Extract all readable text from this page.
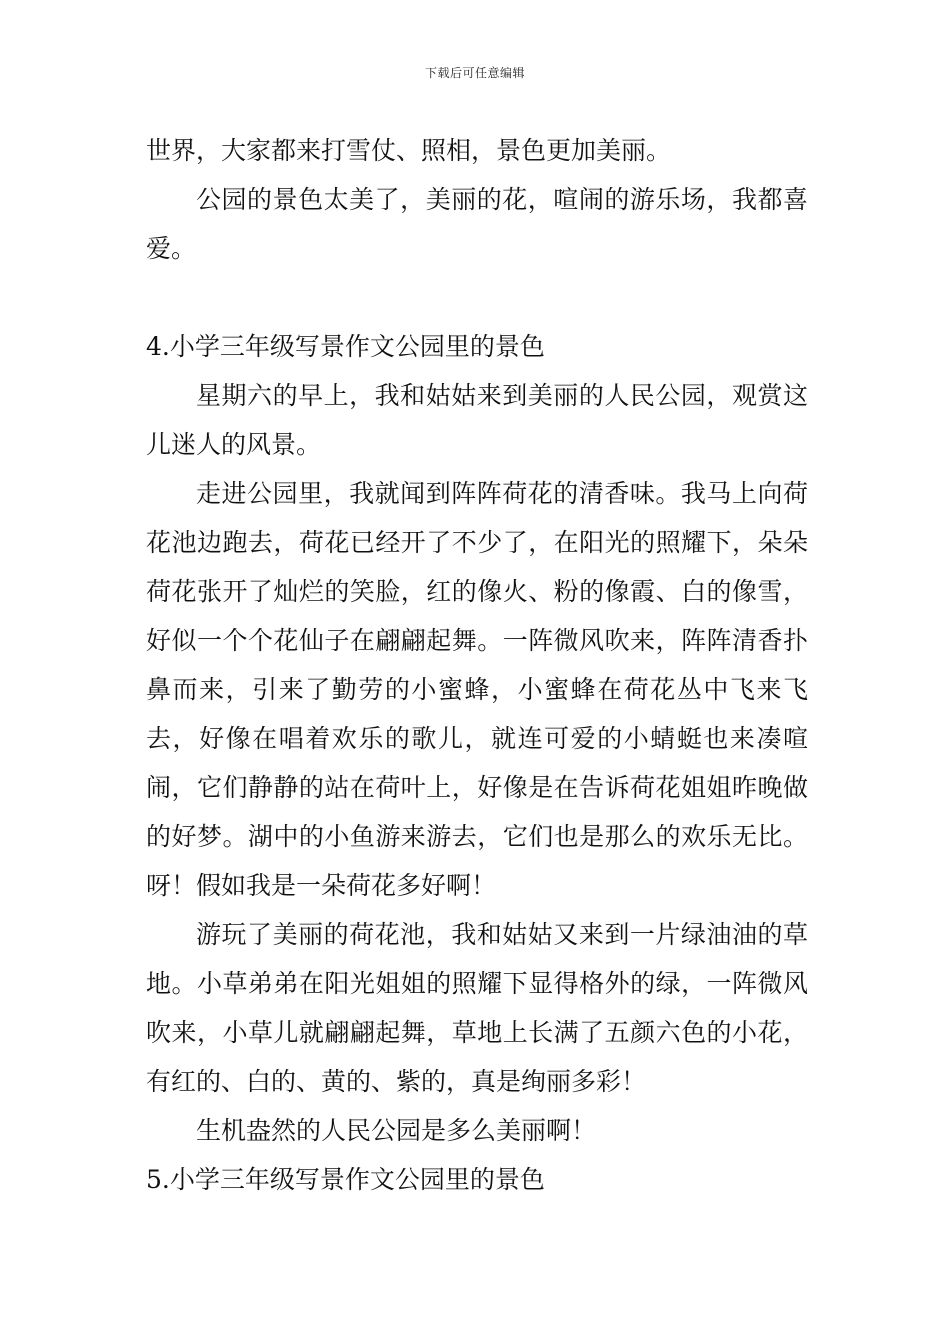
下载后可任意编辑

世界，大家都来打雪仗、照相，景色更加美丽。

公园的景色太美了，美丽的花，喧闹的游乐场，我都喜爱。

4.小学三年级写景作文公园里的景色

星期六的早上，我和姑姑来到美丽的人民公园，观赏这儿迷人的风景。

走进公园里，我就闻到阵阵荷花的清香味。我马上向荷花池边跑去，荷花已经开了不少了，在阳光的照耀下，朵朵荷花张开了灿烂的笑脸，红的像火、粉的像霞、白的像雪，好似一个个花仙子在翩翩起舞。一阵微风吹来，阵阵清香扑鼻而来，引来了勤劳的小蜜蜂，小蜜蜂在荷花丛中飞来飞去，好像在唱着欢乐的歌儿，就连可爱的小蜻蜓也来凑喧闹，它们静静的站在荷叶上，好像是在告诉荷花姐姐昨晚做的好梦。湖中的小鱼游来游去，它们也是那么的欢乐无比。呀！假如我是一朵荷花多好啊！

游玩了美丽的荷花池，我和姑姑又来到一片绿油油的草地。小草弟弟在阳光姐姐的照耀下显得格外的绿，一阵微风吹来，小草儿就翩翩起舞，草地上长满了五颜六色的小花，有红的、白的、黄的、紫的，真是绚丽多彩！

生机盎然的人民公园是多么美丽啊！

5.小学三年级写景作文公园里的景色
